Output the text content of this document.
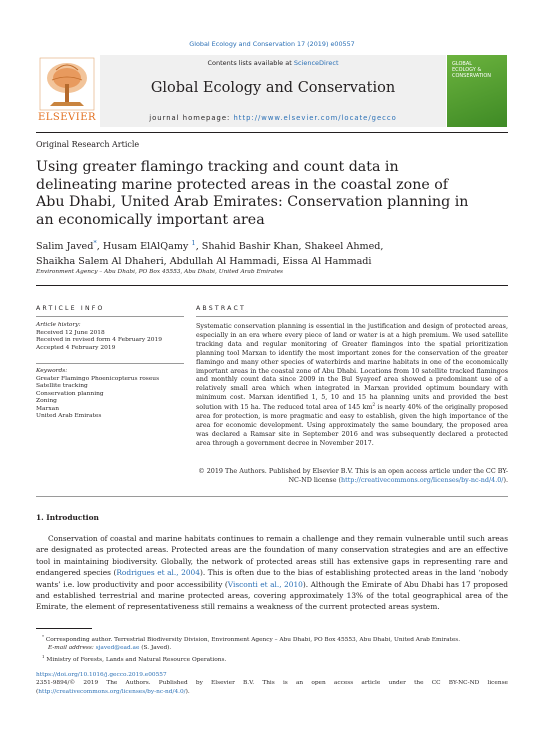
Global Ecology and Conservation 17 (2019) e00557
ELSEVIER
Contents lists available at ScienceDirect
Global Ecology and Conservation
journal homepage: http://www.elsevier.com/locate/gecco
GLOBAL
ECOLOGY &
CONSERVATION
Original Research Article
Using greater flamingo tracking and count data in delineating marine protected areas in the coastal zone of Abu Dhabi, United Arab Emirates: Conservation planning in an economically important area
Salim Javed*, Husam ElAlQamy $^1$, Shahid Bashir Khan, Shakeel Ahmed,
Shaikha Salem Al Dhaheri, Abdullah Al Hammadi, Eissa Al Hammadi
Environment Agency – Abu Dhabi, PO Box 45553, Abu Dhabi, United Arab Emirates
ARTICLE INFO	ABSTRACT
Article history:
Received 12 June 2018
Received in revised form 4 February 2019
Accepted 4 February 2019
Keywords:
Greater Flamingo Phoenicopterus roseus
Satellite tracking
Conservation planning
Zoning
Marxan
United Arab Emirates

Systematic conservation planning is essential in the justification and design of protected areas, especially in an era where every piece of land or water is at a high premium. We used satellite tracking data and regular monitoring of Greater flamingos into the spatial prioritization planning tool Marxan to identify the most important zones for the conservation of the greater flamingo and many other species of waterbirds and marine habitats in one of the economically important areas in the coastal zone of Abu Dhabi. Locations from 10 satellite tracked flamingos and monthly count data since 2009 in the Bul Syayeef area showed a predominant use of a relatively small area which when integrated in Marxan provided optimum boundary with minimum cost. Marxan identified 1, 5, 10 and 15 ha planning units and provided the best solution with 15 ha. The reduced total area of 145 $km^2$ is nearly 40% of the originally proposed area for protection, is more pragmatic and easy to establish, given the high importance of the area for economic development. Using approximately the same boundary, the proposed area was declared a Ramsar site in September 2016 and was subsequently declared a protected area through a government decree in November 2017.

© 2019 The Authors. Published by Elsevier B.V. This is an open access article under the CC BY-NC-ND license (http://creativecommons.org/licenses/by-nc-nd/4.0/).
1. Introduction

Conservation of coastal and marine habitats continues to remain a challenge and they remain vulnerable until such areas are designated as protected areas. Protected areas are the foundation of many conservation strategies and are an effective tool in maintaining biodiversity. Globally, the network of protected areas still has extensive gaps in representing rare and endangered species (Rodrigues et al., 2004). This is often due to the bias of establishing protected areas in the land ‘nobody wants’ i.e. low productivity and poor accessibility (Visconti et al., 2010). Although the Emirate of Abu Dhabi has 17 proposed and established terrestrial and marine protected areas, covering approximately 13% of the total geographical area of the Emirate, the element of representativeness still remains a weakness of the current protected areas system.

* Corresponding author. Terrestrial Biodiversity Division, Environment Agency – Abu Dhabi, PO Box 45553, Abu Dhabi, United Arab Emirates.
E-mail address: sjaved@ead.ae (S. Javed).
$^1$ Ministry of Forests, Lands and Natural Resource Operations.

https://doi.org/10.1016/j.gecco.2019.e00557

2351-9894/© 2019 The Authors. Published by Elsevier B.V. This is an open access article under the CC BY-NC-ND license (http://creativecommons.org/licenses/by-nc-nd/4.0/).
